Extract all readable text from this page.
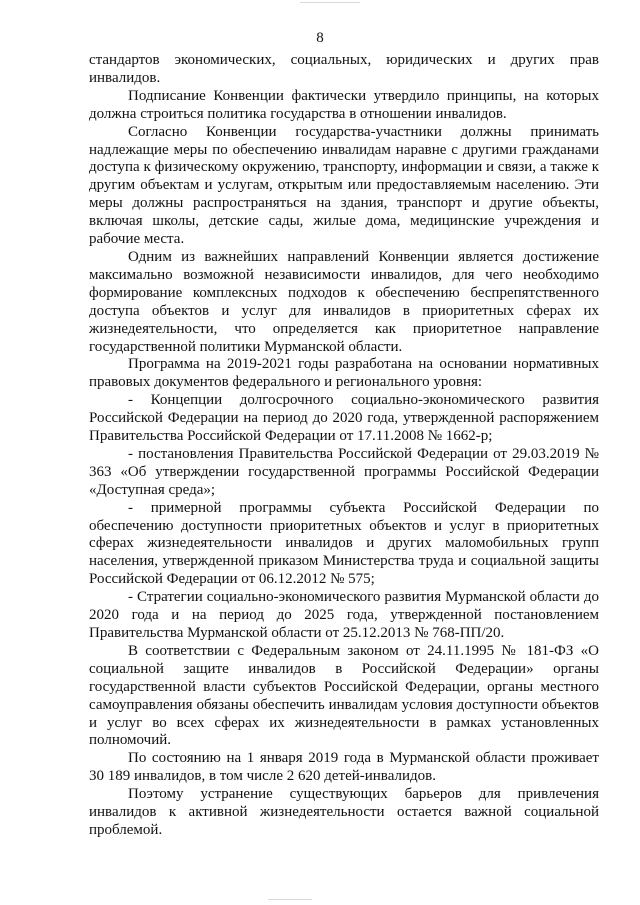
8

стандартов экономических, социальных, юридических и других прав инвалидов.

Подписание Конвенции фактически утвердило принципы, на которых должна строиться политика государства в отношении инвалидов.

Согласно Конвенции государства-участники должны принимать надлежащие меры по обеспечению инвалидам наравне с другими гражданами доступа к физическому окружению, транспорту, информации и связи, а также к другим объектам и услугам, открытым или предоставляемым населению. Эти меры должны распространяться на здания, транспорт и другие объекты, включая школы, детские сады, жилые дома, медицинские учреждения и рабочие места.

Одним из важнейших направлений Конвенции является достижение максимально возможной независимости инвалидов, для чего необходимо формирование комплексных подходов к обеспечению беспрепятственного доступа объектов и услуг для инвалидов в приоритетных сферах их жизнедеятельности, что определяется как приоритетное направление государственной политики Мурманской области.

Программа на 2019-2021 годы разработана на основании нормативных правовых документов федерального и регионального уровня:

- Концепции долгосрочного социально-экономического развития Российской Федерации на период до 2020 года, утвержденной распоряжением Правительства Российской Федерации от 17.11.2008 № 1662-р;

- постановления Правительства Российской Федерации от 29.03.2019 № 363 «Об утверждении государственной программы Российской Федерации «Доступная среда»;

- примерной программы субъекта Российской Федерации по обеспечению доступности приоритетных объектов и услуг в приоритетных сферах жизнедеятельности инвалидов и других маломобильных групп населения, утвержденной приказом Министерства труда и социальной защиты Российской Федерации от 06.12.2012 № 575;

- Стратегии социально-экономического развития Мурманской области до 2020 года и на период до 2025 года, утвержденной постановлением Правительства Мурманской области от 25.12.2013 № 768-ПП/20.

В соответствии с Федеральным законом от 24.11.1995 № 181-ФЗ «О социальной защите инвалидов в Российской Федерации» органы государственной власти субъектов Российской Федерации, органы местного самоуправления обязаны обеспечить инвалидам условия доступности объектов и услуг во всех сферах их жизнедеятельности в рамках установленных полномочий.

По состоянию на 1 января 2019 года в Мурманской области проживает 30 189 инвалидов, в том числе 2 620 детей-инвалидов.

Поэтому устранение существующих барьеров для привлечения инвалидов к активной жизнедеятельности остается важной социальной проблемой.
